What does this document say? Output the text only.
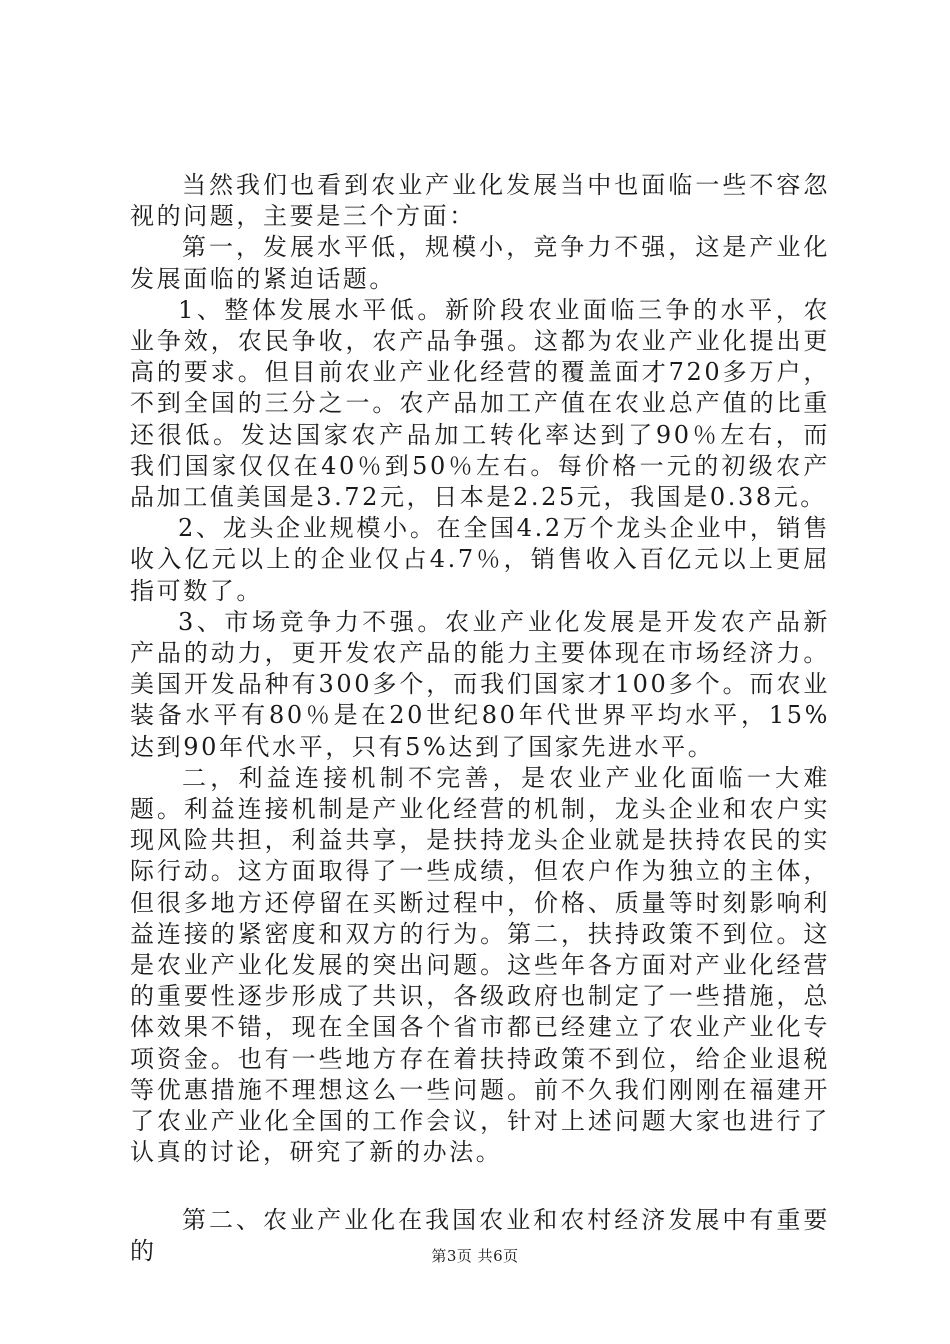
当然我们也看到农业产业化发展当中也面临一些不容忽视的问题，主要是三个方面：

第一，发展水平低，规模小，竞争力不强，这是产业化发展面临的紧迫话题。

1、整体发展水平低。新阶段农业面临三争的水平，农业争效，农民争收，农产品争强。这都为农业产业化提出更高的要求。但目前农业产业化经营的覆盖面才720多万户，不到全国的三分之一。农产品加工产值在农业总产值的比重还很低。发达国家农产品加工转化率达到了90％左右，而我们国家仅仅在40％到50％左右。每价格一元的初级农产品加工值美国是3.72元，日本是2.25元，我国是0.38元。

2、龙头企业规模小。在全国4.2万个龙头企业中，销售收入亿元以上的企业仅占4.7％，销售收入百亿元以上更屈指可数了。

3、市场竞争力不强。农业产业化发展是开发农产品新产品的动力，更开发农产品的能力主要体现在市场经济力。美国开发品种有300多个，而我们国家才100多个。而农业装备水平有80％是在20世纪80年代世界平均水平，15%达到90年代水平，只有5%达到了国家先进水平。

二，利益连接机制不完善，是农业产业化面临一大难题。利益连接机制是产业化经营的机制，龙头企业和农户实现风险共担，利益共享，是扶持龙头企业就是扶持农民的实际行动。这方面取得了一些成绩，但农户作为独立的主体，但很多地方还停留在买断过程中，价格、质量等时刻影响利益连接的紧密度和双方的行为。第二，扶持政策不到位。这是农业产业化发展的突出问题。这些年各方面对产业化经营的重要性逐步形成了共识，各级政府也制定了一些措施，总体效果不错，现在全国各个省市都已经建立了农业产业化专项资金。也有一些地方存在着扶持政策不到位，给企业退税等优惠措施不理想这么一些问题。前不久我们刚刚在福建开了农业产业化全国的工作会议，针对上述问题大家也进行了认真的讨论，研究了新的办法。

第二、农业产业化在我国农业和农村经济发展中有重要的	第3页 共6页
